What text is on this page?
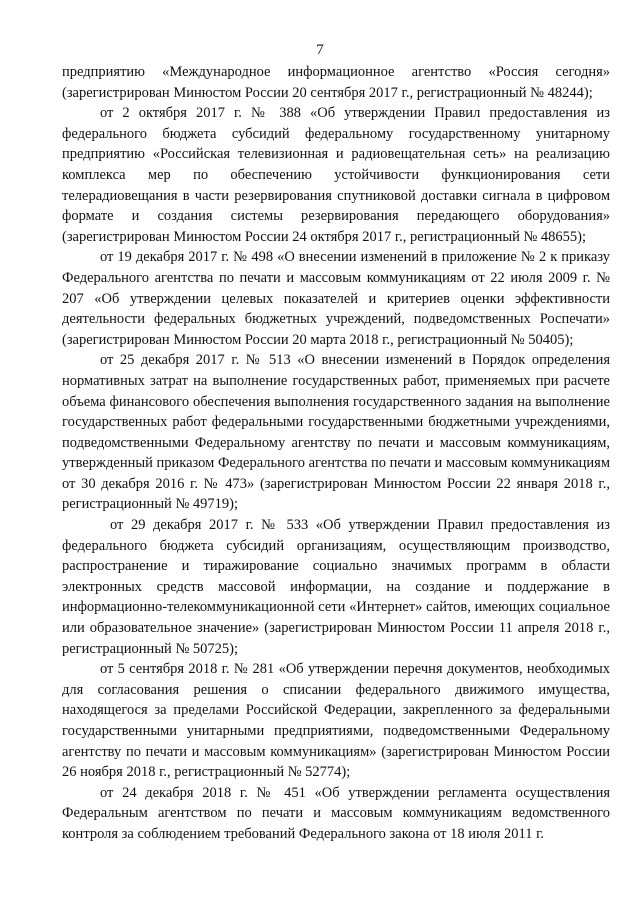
7

предприятию «Международное информационное агентство «Россия сегодня» (зарегистрирован Минюстом России 20 сентября 2017 г., регистрационный № 48244);

от 2 октября 2017 г. № 388 «Об утверждении Правил предоставления из федерального бюджета субсидий федеральному государственному унитарному предприятию «Российская телевизионная и радиовещательная сеть» на реализацию комплекса мер по обеспечению устойчивости функционирования сети телерадиовещания в части резервирования спутниковой доставки сигнала в цифровом формате и создания системы резервирования передающего оборудования» (зарегистрирован Минюстом России 24 октября 2017 г., регистрационный № 48655);

от 19 декабря 2017 г. № 498 «О внесении изменений в приложение № 2 к приказу Федерального агентства по печати и массовым коммуникациям от 22 июля 2009 г. № 207 «Об утверждении целевых показателей и критериев оценки эффективности деятельности федеральных бюджетных учреждений, подведомственных Роспечати» (зарегистрирован Минюстом России 20 марта 2018 г., регистрационный № 50405);

от 25 декабря 2017 г. № 513 «О внесении изменений в Порядок определения нормативных затрат на выполнение государственных работ, применяемых при расчете объема финансового обеспечения выполнения государственного задания на выполнение государственных работ федеральными государственными бюджетными учреждениями, подведомственными Федеральному агентству по печати и массовым коммуникациям, утвержденный приказом Федерального агентства по печати и массовым коммуникациям от 30 декабря 2016 г. № 473» (зарегистрирован Минюстом России 22 января 2018 г., регистрационный № 49719);

от 29 декабря 2017 г. № 533 «Об утверждении Правил предоставления из федерального бюджета субсидий организациям, осуществляющим производство, распространение и тиражирование социально значимых программ в области электронных средств массовой информации, на создание и поддержание в информационно-телекоммуникационной сети «Интернет» сайтов, имеющих социальное или образовательное значение» (зарегистрирован Минюстом России 11 апреля 2018 г., регистрационный № 50725);

от 5 сентября 2018 г. № 281 «Об утверждении перечня документов, необходимых для согласования решения о списании федерального движимого имущества, находящегося за пределами Российской Федерации, закрепленного за федеральными государственными унитарными предприятиями, подведомственными Федеральному агентству по печати и массовым коммуникациям» (зарегистрирован Минюстом России 26 ноября 2018 г., регистрационный № 52774);

от 24 декабря 2018 г. № 451 «Об утверждении регламента осуществления Федеральным агентством по печати и массовым коммуникациям ведомственного контроля за соблюдением требований Федерального закона от 18 июля 2011 г.
